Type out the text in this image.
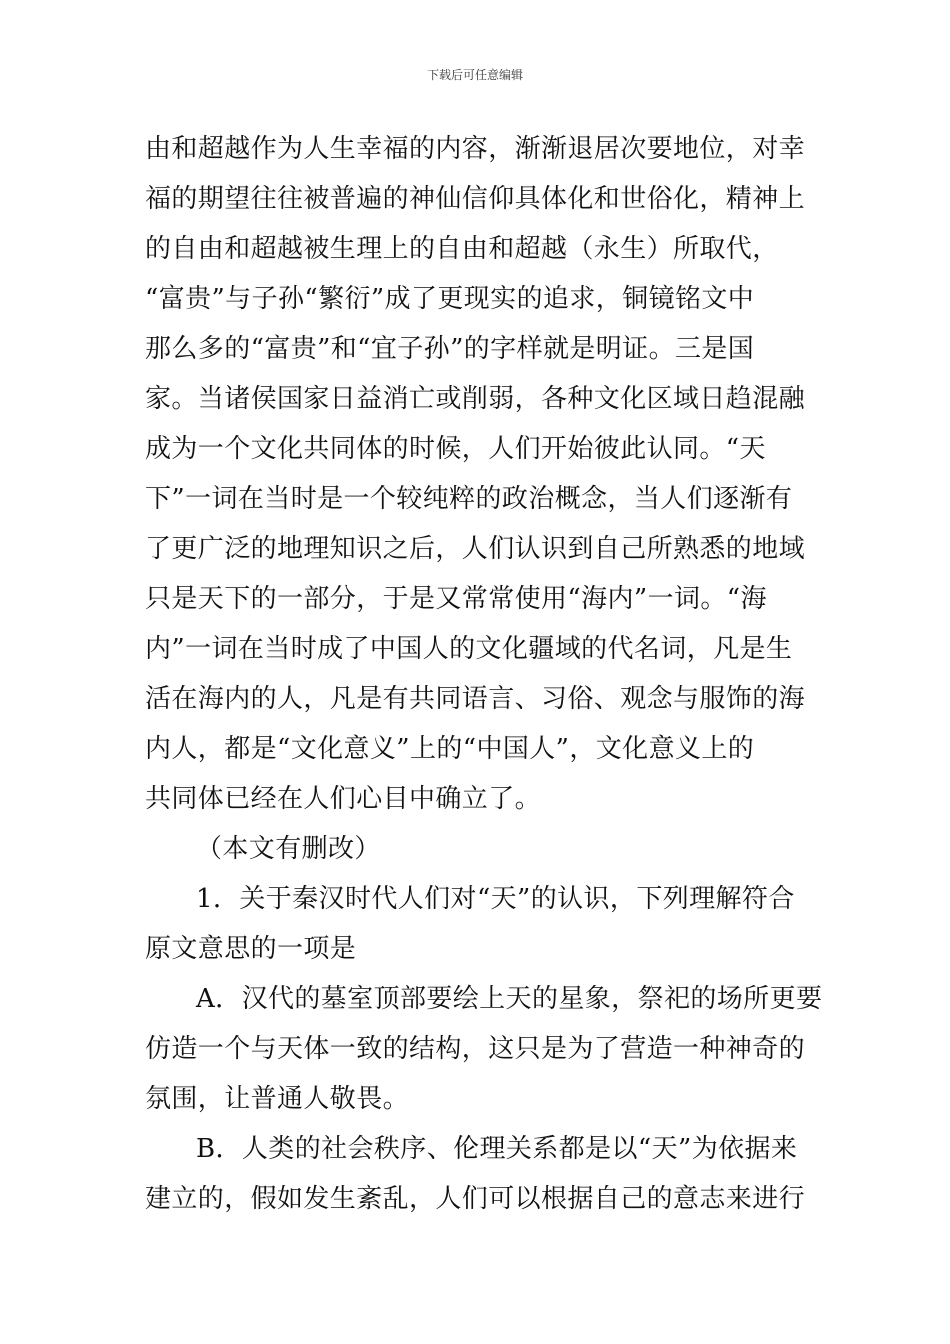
下载后可任意编辑
由和超越作为人生幸福的内容，渐渐退居次要地位，对幸
福的期望往往被普遍的神仙信仰具体化和世俗化，精神上
的自由和超越被生理上的自由和超越（永生）所取代，
“富贵”与子孙“繁衍”成了更现实的追求，铜镜铭文中
那么多的“富贵”和“宜子孙”的字样就是明证。三是国
家。当诸侯国家日益消亡或削弱，各种文化区域日趋混融
成为一个文化共同体的时候，人们开始彼此认同。“天
下”一词在当时是一个较纯粹的政治概念，当人们逐渐有
了更广泛的地理知识之后，人们认识到自己所熟悉的地域
只是天下的一部分，于是又常常使用“海内”一词。“海
内”一词在当时成了中国人的文化疆域的代名词，凡是生
活在海内的人，凡是有共同语言、习俗、观念与服饰的海
内人，都是“文化意义”上的“中国人”，文化意义上的
共同体已经在人们心目中确立了。
（本文有删改）
1．关于秦汉时代人们对“天”的认识，下列理解符合
原文意思的一项是
A．汉代的墓室顶部要绘上天的星象，祭祀的场所更要
仿造一个与天体一致的结构，这只是为了营造一种神奇的
氛围，让普通人敬畏。
B．人类的社会秩序、伦理关系都是以“天”为依据来
建立的，假如发生紊乱，人们可以根据自己的意志来进行
